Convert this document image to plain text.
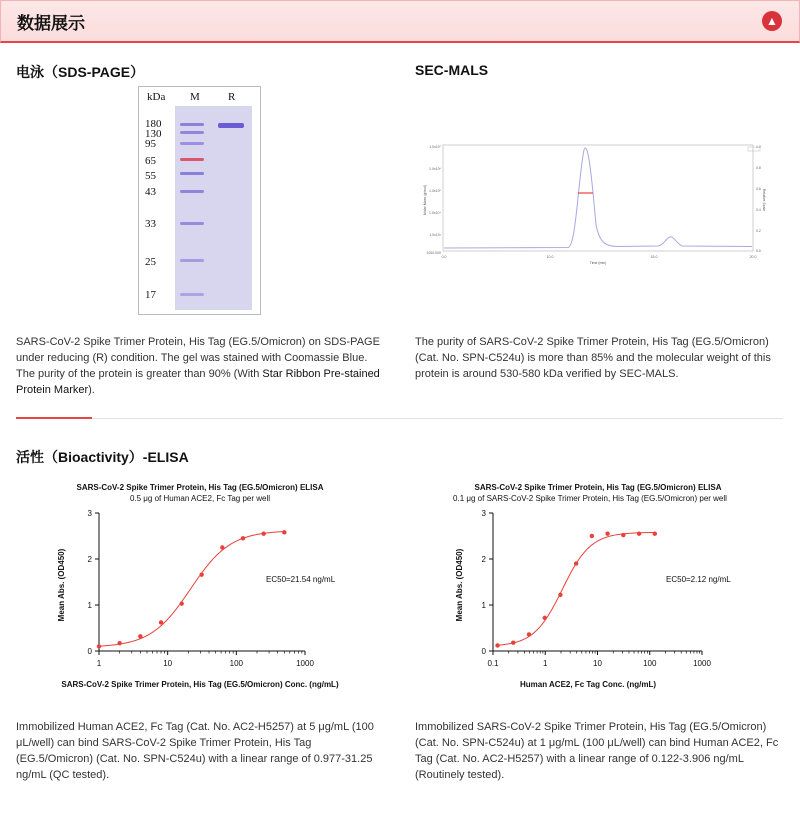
数据展示	▲
电泳（SDS-PAGE）
kDa M	R
180
130
95
65
55
43
33
25
17
SARS-CoV-2 Spike Trimer Protein, His Tag (EG.5/Omicron) on SDS-PAGE under reducing (R) condition. The gel was stained with Coomassie Blue. The purity of the protein is greater than 90% (With Star Ribbon Pre-stained Protein Marker).
SEC-MALS
Molar Mass (g/mol)	Relative Scale
Time (min)
1.0x10⁷
1.0x10⁶
1.0x10⁵
1.0x10⁴
1.0x10³
1000.000
0.0	10.0	15.0	20.0
1.0
0.8
0.6
0.4
0.2
0.0
The purity of SARS-CoV-2 Spike Trimer Protein, His Tag (EG.5/Omicron) (Cat. No. SPN-C524u) is more than 85% and the molecular weight of this protein is around 530-580 kDa verified by SEC-MALS.
活性（Bioactivity）-ELISA
SARS-CoV-2 Spike Trimer Protein, His Tag (EG.5/Omicron) ELISA
0.5 μg of Human ACE2, Fc Tag per well
Mean Abs. (OD450)
SARS-CoV-2 Spike Trimer Protein, His Tag (EG.5/Omicron) Conc. (ng/mL)
EC50=21.54 ng/mL
0
1
2
3
1	10	100	1000
SARS-CoV-2 Spike Trimer Protein, His Tag (EG.5/Omicron) ELISA
0.1 μg of SARS-CoV-2 Spike Trimer Protein, His Tag (EG.5/Omicron) per well
Mean Abs. (OD450)
Human ACE2, Fc Tag Conc. (ng/mL)
EC50=2.12 ng/mL
0
1
2
3
0.1	1	10	100	1000
Immobilized Human ACE2, Fc Tag (Cat. No. AC2-H5257) at 5 μg/mL (100 μL/well) can bind SARS-CoV-2 Spike Trimer Protein, His Tag (EG.5/Omicron) (Cat. No. SPN-C524u) with a linear range of 0.977-31.25 ng/mL (QC tested).
Immobilized SARS-CoV-2 Spike Trimer Protein, His Tag (EG.5/Omicron) (Cat. No. SPN-C524u) at 1 μg/mL (100 μL/well) can bind Human ACE2, Fc Tag (Cat. No. AC2-H5257) with a linear range of 0.122-3.906 ng/mL (Routinely tested).
